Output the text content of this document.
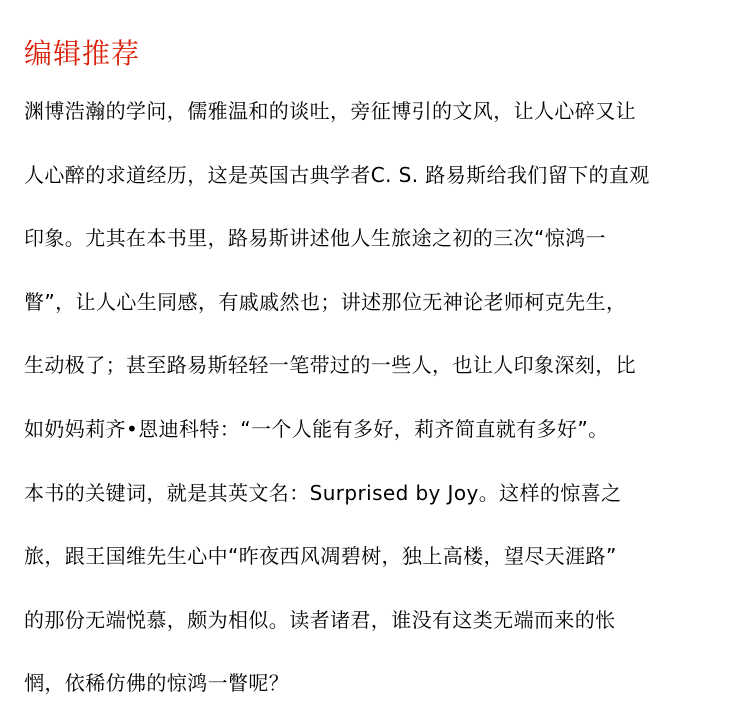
编辑推荐
渊博浩瀚的学问，儒雅温和的谈吐，旁征博引的文风，让人心碎又让
人心醉的求道经历，这是英国古典学者C. S. 路易斯给我们留下的直观
印象。尤其在本书里，路易斯讲述他人生旅途之初的三次“惊鸿一
瞥”，让人心生同感，有戚戚然也；讲述那位无神论老师柯克先生，
生动极了；甚至路易斯轻轻一笔带过的一些人，也让人印象深刻，比
如奶妈莉齐•恩迪科特：“一个人能有多好，莉齐简直就有多好”。
本书的关键词，就是其英文名：Surprised by Joy。这样的惊喜之
旅，跟王国维先生心中“昨夜西风凋碧树，独上高楼，望尽天涯路”
的那份无端悦慕，颇为相似。读者诸君，谁没有这类无端而来的怅
惘，依稀仿佛的惊鸿一瞥呢？
